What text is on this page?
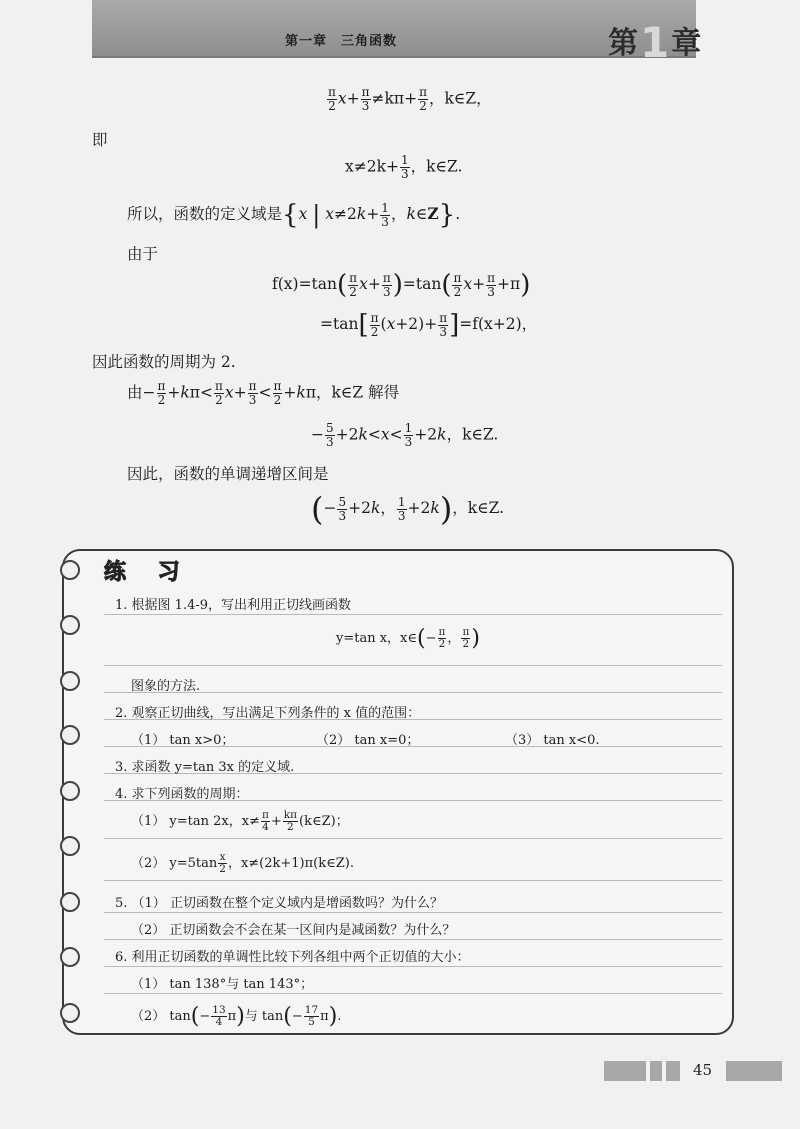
第一章　三角函数	第1章
$\frac{\pi}{2} x+ \frac{\pi}{3} \ne k\pi+ \frac{\pi}{2}$ ，k∈Z，
即
$x\ne 2k+ \frac{1}{3}$ ，k∈Z.
所以，函数的定义域是{x | $x\ne 2k+ \frac{1}{3}$ ，k∈Z}.
由于
$f(x)=\tan( \frac{\pi}{2} x+ \frac{\pi}{3} )=\tan( \frac{\pi}{2} x+ \frac{\pi}{3} +\pi)$
$=\tan[ \frac{\pi}{2} (x+2)+ \frac{\pi}{3} ]=f(x+2)$，
因此函数的周期为 2.
由− $\frac{\pi}{2} +k\pi< \frac{\pi}{2} x+ \frac{\pi}{3} < \frac{\pi}{2} +k\pi$，k∈Z 解得
− $\frac{5}{3} +2k<x< \frac{1}{3} +2k$，k∈Z.
因此，函数的单调递增区间是
(− $\frac{5}{3} +2k$， $\frac{1}{3} +2k$)，k∈Z.
练 习
1. 根据图 1.4-9，写出利用正切线画函数
y=tan x，x∈(− $\frac{\pi}{2}$ ， $\frac{\pi}{2}$ )
图象的方法.
2. 观察正切曲线，写出满足下列条件的 x 值的范围：
（1） tan x>0；	（2） tan x=0；	（3） tan x<0.
3. 求函数 y=tan 3x 的定义域.
4. 求下列函数的周期：
（1） y=tan 2x，$x\ne \frac{\pi}{4} + \frac{k\pi}{2}$ (k∈Z)；
（2） $y=5\tan \frac{x}{2}$ ，x≠(2k+1)π(k∈Z).
5. （1） 正切函数在整个定义域内是增函数吗？为什么？
（2） 正切函数会不会在某一区间内是减函数？为什么？
6. 利用正切函数的单调性比较下列各组中两个正切值的大小：
（1） tan 138°与 tan 143°；
（2） $\tan(- \frac{13}{4} \pi)$与 $\tan(- \frac{17}{5} \pi)$.
45
